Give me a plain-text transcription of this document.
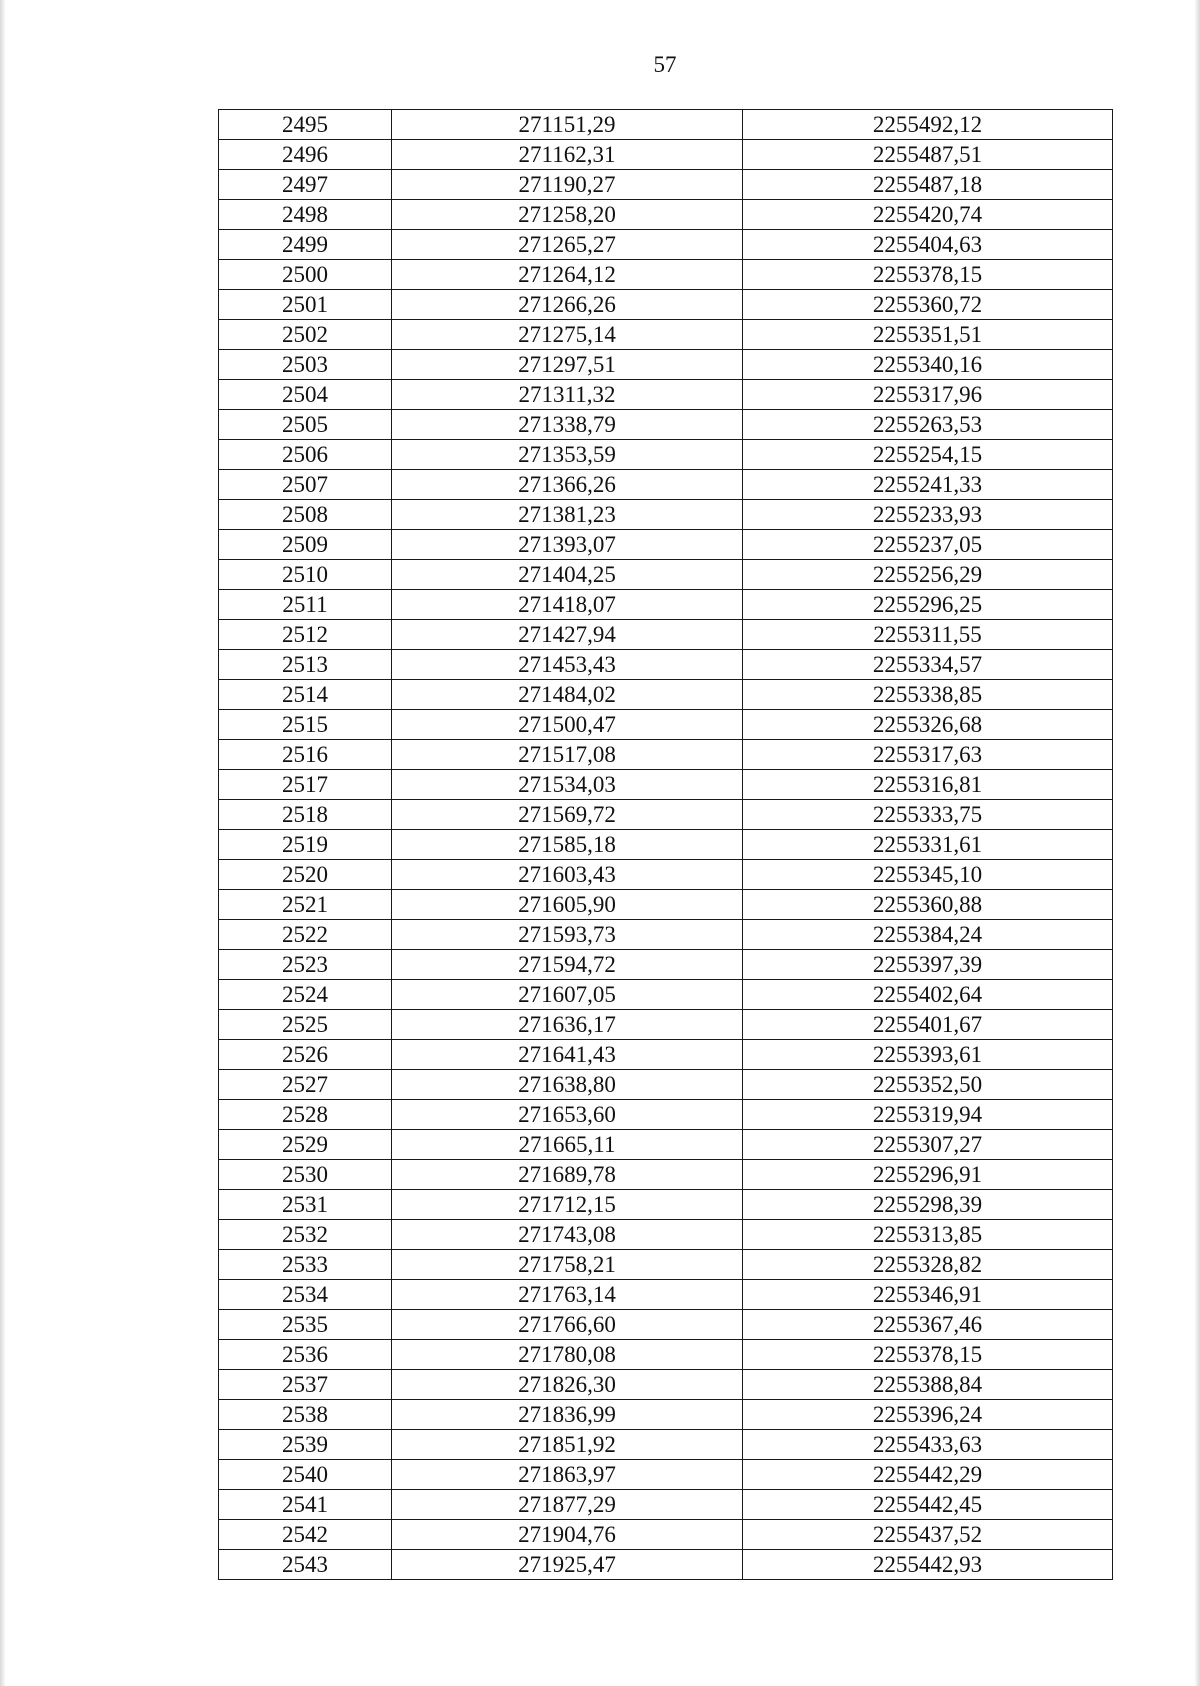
57
2495	271151,29	2255492,12
2496	271162,31	2255487,51
2497	271190,27	2255487,18
2498	271258,20	2255420,74
2499	271265,27	2255404,63
2500	271264,12	2255378,15
2501	271266,26	2255360,72
2502	271275,14	2255351,51
2503	271297,51	2255340,16
2504	271311,32	2255317,96
2505	271338,79	2255263,53
2506	271353,59	2255254,15
2507	271366,26	2255241,33
2508	271381,23	2255233,93
2509	271393,07	2255237,05
2510	271404,25	2255256,29
2511	271418,07	2255296,25
2512	271427,94	2255311,55
2513	271453,43	2255334,57
2514	271484,02	2255338,85
2515	271500,47	2255326,68
2516	271517,08	2255317,63
2517	271534,03	2255316,81
2518	271569,72	2255333,75
2519	271585,18	2255331,61
2520	271603,43	2255345,10
2521	271605,90	2255360,88
2522	271593,73	2255384,24
2523	271594,72	2255397,39
2524	271607,05	2255402,64
2525	271636,17	2255401,67
2526	271641,43	2255393,61
2527	271638,80	2255352,50
2528	271653,60	2255319,94
2529	271665,11	2255307,27
2530	271689,78	2255296,91
2531	271712,15	2255298,39
2532	271743,08	2255313,85
2533	271758,21	2255328,82
2534	271763,14	2255346,91
2535	271766,60	2255367,46
2536	271780,08	2255378,15
2537	271826,30	2255388,84
2538	271836,99	2255396,24
2539	271851,92	2255433,63
2540	271863,97	2255442,29
2541	271877,29	2255442,45
2542	271904,76	2255437,52
2543	271925,47	2255442,93
